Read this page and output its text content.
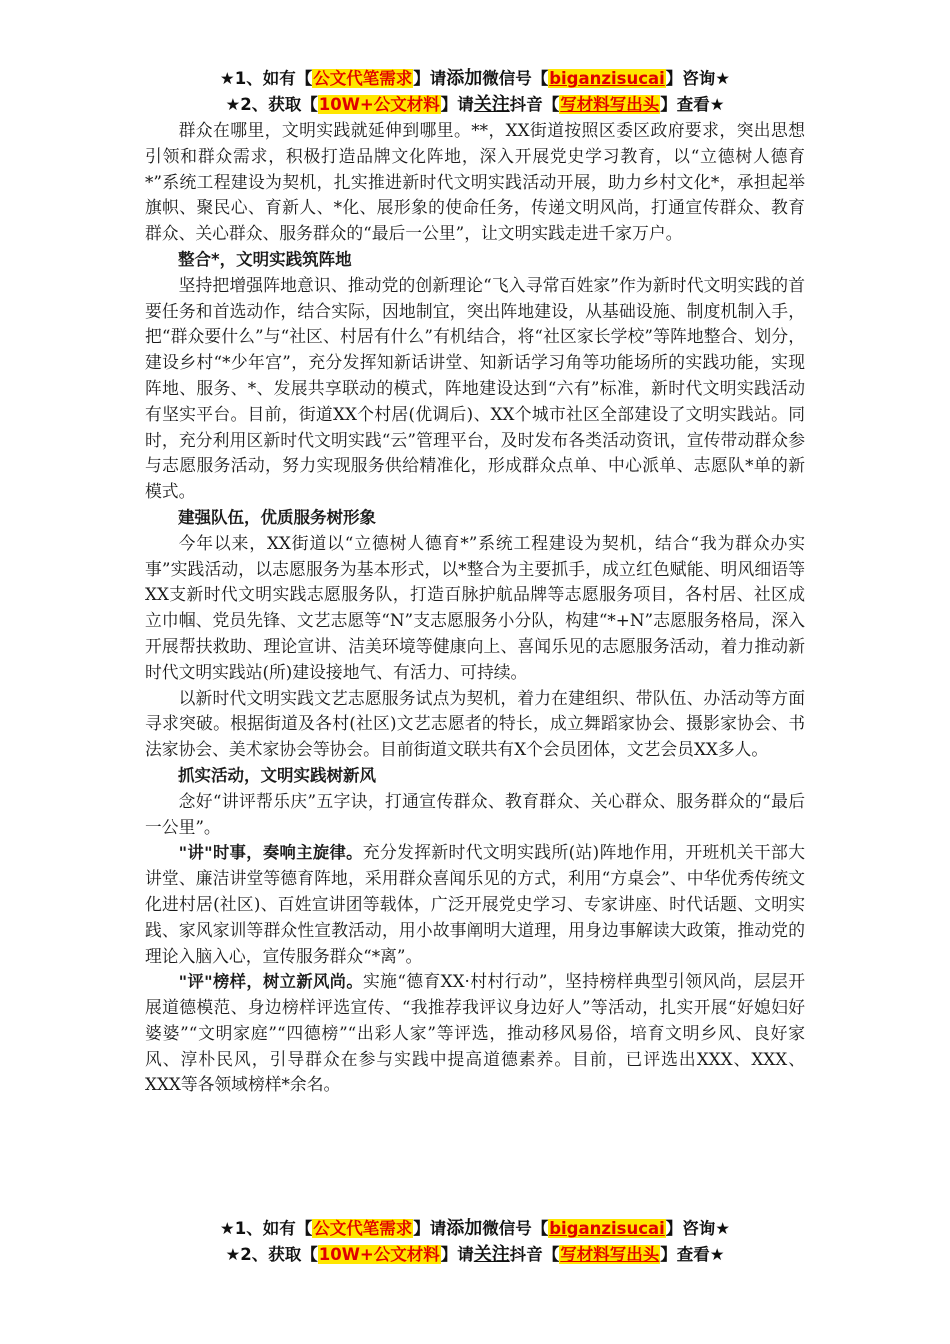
★1、如有【公文代笔需求】请添加微信号【biganzisucai】咨询★
★2、获取【10W+公文材料】请关注抖音【写材料写出头】查看★

群众在哪里，文明实践就延伸到哪里。**，XX街道按照区委区政府要求，突出思想引领和群众需求，积极打造品牌文化阵地，深入开展党史学习教育，以“立德树人德育*”系统工程建设为契机，扎实推进新时代文明实践活动开展，助力乡村文化*，承担起举旗帜、聚民心、育新人、*化、展形象的使命任务，传递文明风尚，打通宣传群众、教育群众、关心群众、服务群众的“最后一公里”，让文明实践走进千家万户。

整合*，文明实践筑阵地

坚持把增强阵地意识、推动党的创新理论“飞入寻常百姓家”作为新时代文明实践的首要任务和首选动作，结合实际，因地制宜，突出阵地建设，从基础设施、制度机制入手，把“群众要什么”与“社区、村居有什么”有机结合，将“社区家长学校”等阵地整合、划分，建设乡村“*少年宫”，充分发挥知新话讲堂、知新话学习角等功能场所的实践功能，实现阵地、服务、*、发展共享联动的模式，阵地建设达到“六有”标准，新时代文明实践活动有坚实平台。目前，街道XX个村居(优调后)、XX个城市社区全部建设了文明实践站。同时，充分利用区新时代文明实践“云”管理平台，及时发布各类活动资讯，宣传带动群众参与志愿服务活动，努力实现服务供给精准化，形成群众点单、中心派单、志愿队*单的新模式。

建强队伍，优质服务树形象

今年以来，XX街道以“立德树人德育*”系统工程建设为契机，结合“我为群众办实事”实践活动，以志愿服务为基本形式，以*整合为主要抓手，成立红色赋能、明风细语等XX支新时代文明实践志愿服务队，打造百脉护航品牌等志愿服务项目，各村居、社区成立巾帼、党员先锋、文艺志愿等“N”支志愿服务小分队，构建“*+N”志愿服务格局，深入开展帮扶救助、理论宣讲、洁美环境等健康向上、喜闻乐见的志愿服务活动，着力推动新时代文明实践站(所)建设接地气、有活力、可持续。

以新时代文明实践文艺志愿服务试点为契机，着力在建组织、带队伍、办活动等方面寻求突破。根据街道及各村(社区)文艺志愿者的特长，成立舞蹈家协会、摄影家协会、书法家协会、美术家协会等协会。目前街道文联共有X个会员团体，文艺会员XX多人。

抓实活动，文明实践树新风

念好“讲评帮乐庆”五字诀，打通宣传群众、教育群众、关心群众、服务群众的“最后一公里”。

"讲"时事，奏响主旋律。充分发挥新时代文明实践所(站)阵地作用，开班机关干部大讲堂、廉洁讲堂等德育阵地，采用群众喜闻乐见的方式，利用“方桌会”、中华优秀传统文化进村居(社区)、百姓宣讲团等载体，广泛开展党史学习、专家讲座、时代话题、文明实践、家风家训等群众性宣教活动，用小故事阐明大道理，用身边事解读大政策，推动党的理论入脑入心，宣传服务群众“*离”。

"评"榜样，树立新风尚。实施“德育XX·村村行动”，坚持榜样典型引领风尚，层层开展道德模范、身边榜样评选宣传、“我推荐我评议身边好人”等活动，扎实开展“好媳妇好婆婆”“文明家庭”“四德榜”“出彩人家”等评选，推动移风易俗，培育文明乡风、良好家风、淳朴民风，引导群众在参与实践中提高道德素养。目前，已评选出XXX、XXX、XXX等各领域榜样*余名。

★1、如有【公文代笔需求】请添加微信号【biganzisucai】咨询★
★2、获取【10W+公文材料】请关注抖音【写材料写出头】查看★
